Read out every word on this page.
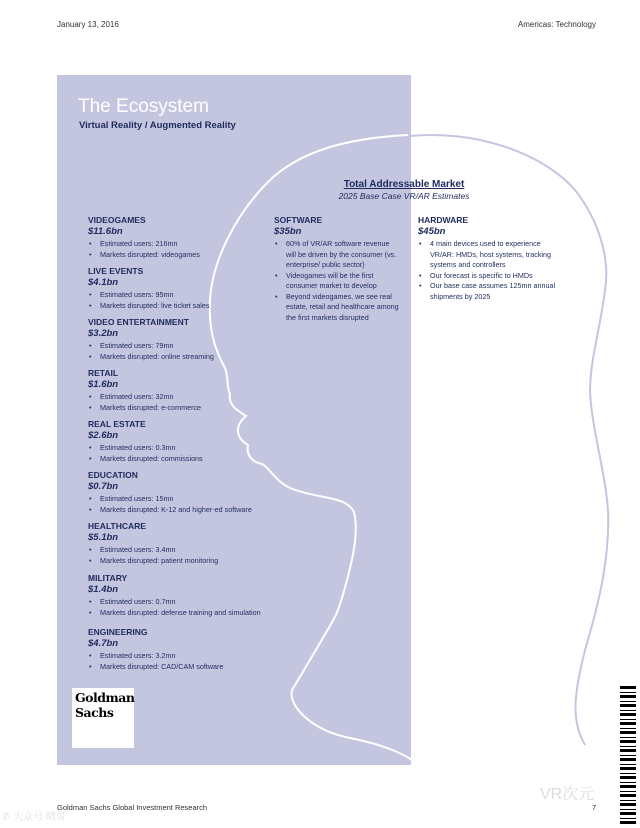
January 13, 2016	Americas: Technology
The Ecosystem
Virtual Reality / Augmented Reality
Total Addressable Market
2025 Base Case VR/AR Estimates
SOFTWARE
$35bn
• 60% of VR/AR software revenue will be driven by the consumer (vs. enterprise/ public sector)
• Videogames will be the first consumer market to develop
• Beyond videogames, we see real estate, retail and healthcare among the first markets disrupted
HARDWARE
$45bn
• 4 main devices used to experience VR/AR: HMDs, host systems, tracking systems and controllers
• Our forecast is specific to HMDs
• Our base case assumes 125mn annual shipments by 2025
VIDEOGAMES
$11.6bn
• Estimated users: 216mn
• Markets disrupted: videogames
LIVE EVENTS
$4.1bn
• Estimated users: 95mn
• Markets disrupted: live ticket sales
VIDEO ENTERTAINMENT
$3.2bn
• Estimated users: 79mn
• Markets disrupted: online streaming
RETAIL
$1.6bn
• Estimated users: 32mn
• Markets disrupted: e-commerce
REAL ESTATE
$2.6bn
• Estimated users: 0.3mn
• Markets disrupted: commissions
EDUCATION
$0.7bn
• Estimated users: 15mn
• Markets disrupted: K-12 and higher-ed software
HEALTHCARE
$5.1bn
• Estimated users: 3.4mn
• Markets disrupted: patient monitoring
MILITARY
$1.4bn
• Estimated users: 0.7mn
• Markets disrupted: defense training and simulation
ENGINEERING
$4.7bn
• Estimated users: 3.2mn
• Markets disrupted: CAD/CAM software
Goldman
Sachs
VR次元
✆ 大众号 晴哥
Goldman Sachs Global Investment Research	7
